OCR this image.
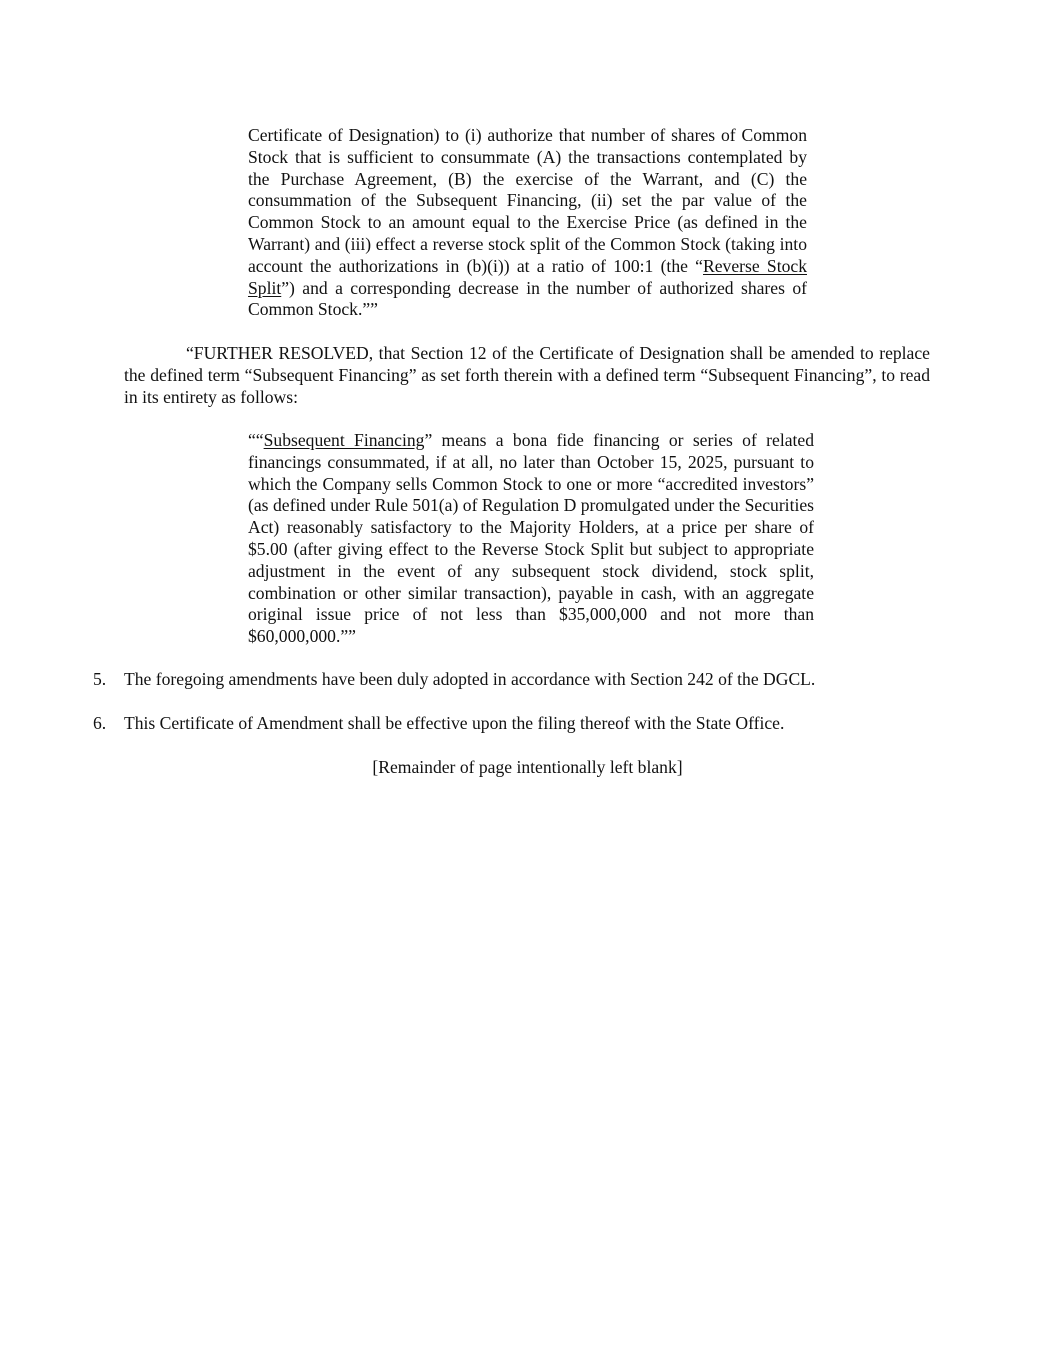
Certificate of Designation) to (i) authorize that number of shares of Common Stock that is sufficient to consummate (A) the transactions contemplated by the Purchase Agreement, (B) the exercise of the Warrant, and (C) the consummation of the Subsequent Financing, (ii) set the par value of the Common Stock to an amount equal to the Exercise Price (as defined in the Warrant) and (iii) effect a reverse stock split of the Common Stock (taking into account the authorizations in (b)(i)) at a ratio of 100:1 (the “Reverse Stock Split”) and a corresponding decrease in the number of authorized shares of Common Stock.””

“FURTHER RESOLVED, that Section 12 of the Certificate of Designation shall be amended to replace the defined term “Subsequent Financing” as set forth therein with a defined term “Subsequent Financing”, to read in its entirety as follows:

““Subsequent Financing” means a bona fide financing or series of related financings consummated, if at all, no later than October 15, 2025, pursuant to which the Company sells Common Stock to one or more “accredited investors” (as defined under Rule 501(a) of Regulation D promulgated under the Securities Act) reasonably satisfactory to the Majority Holders, at a price per share of $5.00 (after giving effect to the Reverse Stock Split but subject to appropriate adjustment in the event of any subsequent stock dividend, stock split, combination or other similar transaction), payable in cash, with an aggregate original issue price of not less than $35,000,000 and not more than $60,000,000.””

5.	The foregoing amendments have been duly adopted in accordance with Section 242 of the DGCL.
6.	This Certificate of Amendment shall be effective upon the filing thereof with the State Office.

[Remainder of page intentionally left blank]
